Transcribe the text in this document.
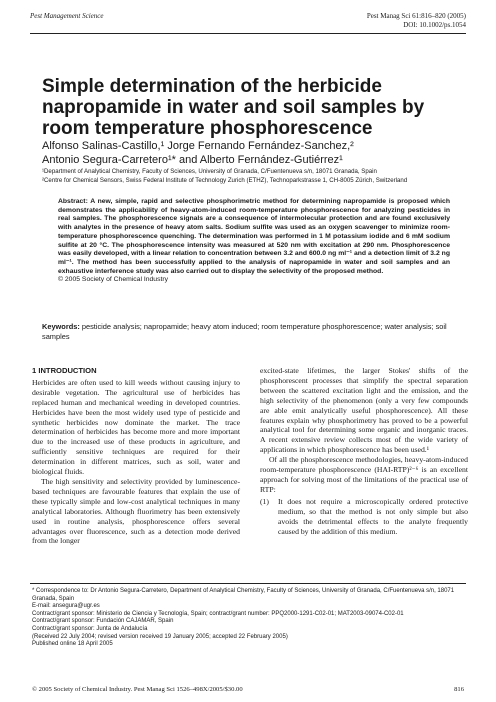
Pest Management Science	Pest Manag Sci 61:816–820 (2005)
DOI: 10.1002/ps.1054
Simple determination of the herbicide napropamide in water and soil samples by room temperature phosphorescence
Alfonso Salinas-Castillo,¹ Jorge Fernando Fernández-Sanchez,²
Antonio Segura-Carretero¹* and Alberto Fernández-Gutiérrez¹
¹Department of Analytical Chemistry, Faculty of Sciences, University of Granada, C/Fuentenueva s/n, 18071 Granada, Spain
²Centre for Chemical Sensors, Swiss Federal Institute of Technology Zurich (ETHZ), Technoparkstrasse 1, CH-8005 Zürich, Switzerland
Abstract: A new, simple, rapid and selective phosphorimetric method for determining napropamide is proposed which demonstrates the applicability of heavy-atom-induced room-temperature phosphorescence for analyzing pesticides in real samples. The phosphorescence signals are a consequence of intermolecular protection and are found exclusively with analytes in the presence of heavy atom salts. Sodium sulfite was used as an oxygen scavenger to minimize room-temperature phosphorescence quenching. The determination was performed in 1 M potassium iodide and 6 mM sodium sulfite at 20 °C. The phosphorescence intensity was measured at 520 nm with excitation at 290 nm. Phosphorescence was easily developed, with a linear relation to concentration between 3.2 and 600.0 ng ml⁻¹ and a detection limit of 3.2 ng ml⁻¹. The method has been successfully applied to the analysis of napropamide in water and soil samples and an exhaustive interference study was also carried out to display the selectivity of the proposed method.
© 2005 Society of Chemical Industry
Keywords: pesticide analysis; napropamide; heavy atom induced; room temperature phosphorescence; water analysis; soil samples
1 INTRODUCTION

Herbicides are often used to kill weeds without causing injury to desirable vegetation. The agricultural use of herbicides has replaced human and mechanical weeding in developed countries. Herbicides have been the most widely used type of pesticide and synthetic herbicides now dominate the market. The trace determination of herbicides has become more and more important due to the increased use of these products in agriculture, and sufficiently sensitive techniques are required for their determination in different matrices, such as soil, water and biological fluids.

The high sensitivity and selectivity provided by luminescence-based techniques are favourable features that explain the use of these typically simple and low-cost analytical techniques in many analytical laboratories. Although fluorimetry has been extensively used in routine analysis, phosphorescence offers several advantages over fluorescence, such as a detection mode derived from the longer

excited-state lifetimes, the larger Stokes' shifts of the phosphorescent processes that simplify the spectral separation between the scattered excitation light and the emission, and the high selectivity of the phenomenon (only a very few compounds are able emit analytically useful phosphorescence). All these features explain why phosphorimetry has proved to be a powerful analytical tool for determining some organic and inorganic traces. A recent extensive review collects most of the wide variety of applications in which phosphorescence has been used.¹

Of all the phosphorescence methodologies, heavy-atom-induced room-temperature phosphorescence (HAI-RTP)²⁻⁶ is an excellent approach for solving most of the limitations of the practical use of RTP:

(1)	It does not require a microscopically ordered protective medium, so that the method is not only simple but also avoids the detrimental effects to the analyte frequently caused by the addition of this medium.
* Correspondence to: Dr Antonio Segura-Carretero, Department of Analytical Chemistry, Faculty of Sciences, University of Granada, C/Fuentenueva s/n, 18071 Granada, Spain
E-mail: ansegura@ugr.es
Contract/grant sponsor: Ministerio de Ciencia y Tecnología, Spain; contract/grant number: PPQ2000-1291-C02-01; MAT2003-09074-C02-01
Contract/grant sponsor: Fundación CAJAMAR, Spain
Contract/grant sponsor: Junta de Andalucía
(Received 22 July 2004; revised version received 19 January 2005; accepted 22 February 2005)
Published online 18 April 2005
© 2005 Society of Chemical Industry. Pest Manag Sci 1526–498X/2005/$30.00	816
